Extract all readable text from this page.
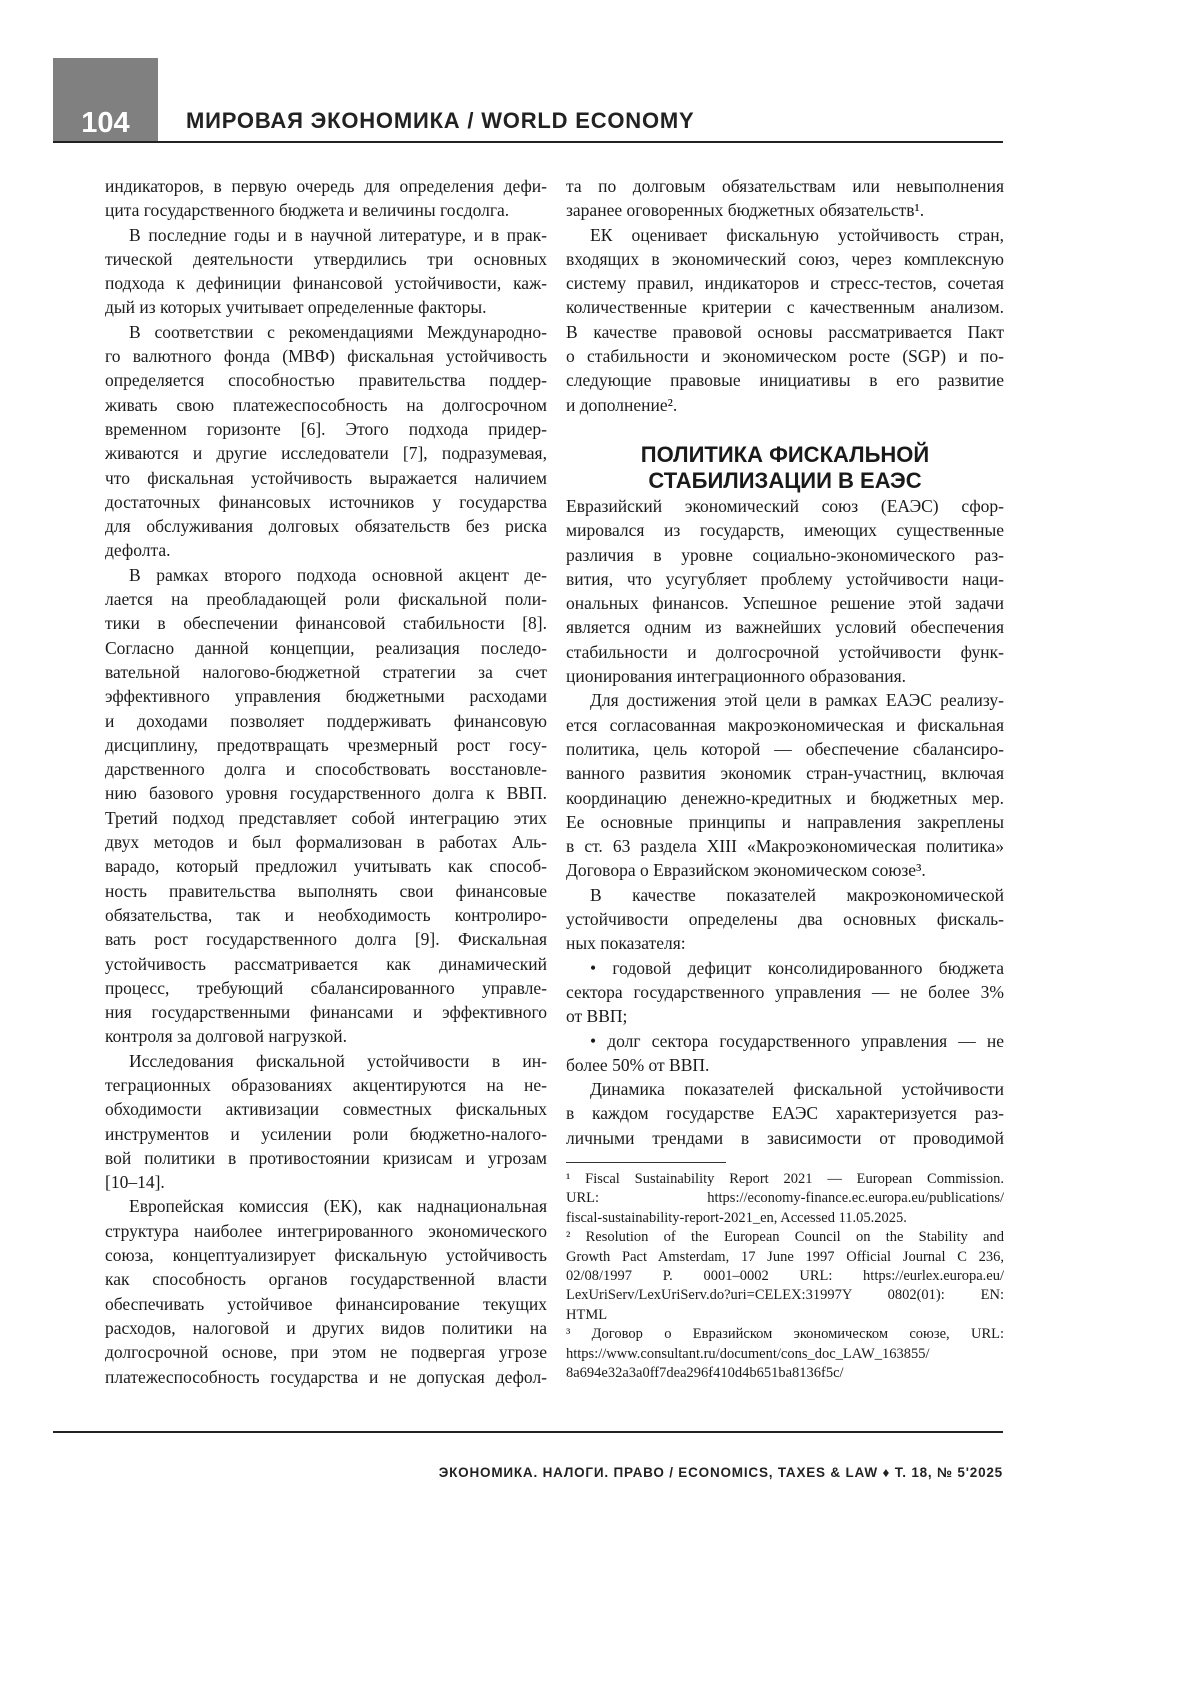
104	МИРОВАЯ ЭКОНОМИКА / WORLD ECONOMY
индикаторов, в первую очередь для определения дефи-
цита государственного бюджета и величины госдолга.
В последние годы и в научной литературе, и в прак-
тической деятельности утвердились три основных
подхода к дефиниции финансовой устойчивости, каж-
дый из которых учитывает определенные факторы.
В соответствии с рекомендациями Международно-
го валютного фонда (МВФ) фискальная устойчивость
определяется способностью правительства поддер-
живать свою платежеспособность на долгосрочном
временном горизонте [6]. Этого подхода придер-
живаются и другие исследователи [7], подразумевая,
что фискальная устойчивость выражается наличием
достаточных финансовых источников у государства
для обслуживания долговых обязательств без риска
дефолта.
В рамках второго подхода основной акцент де-
лается на преобладающей роли фискальной поли-
тики в обеспечении финансовой стабильности [8].
Согласно данной концепции, реализация последо-
вательной налогово-бюджетной стратегии за счет
эффективного управления бюджетными расходами
и доходами позволяет поддерживать финансовую
дисциплину, предотвращать чрезмерный рост госу-
дарственного долга и способствовать восстановле-
нию базового уровня государственного долга к ВВП.
Третий подход представляет собой интеграцию этих
двух методов и был формализован в работах Аль-
варадо, который предложил учитывать как способ-
ность правительства выполнять свои финансовые
обязательства, так и необходимость контролиро-
вать рост государственного долга [9]. Фискальная
устойчивость рассматривается как динамический
процесс, требующий сбалансированного управле-
ния государственными финансами и эффективного
контроля за долговой нагрузкой.
Исследования фискальной устойчивости в ин-
теграционных образованиях акцентируются на не-
обходимости активизации совместных фискальных
инструментов и усилении роли бюджетно-налого-
вой политики в противостоянии кризисам и угрозам
[10–14].
Европейская комиссия (ЕК), как наднациональная
структура наиболее интегрированного экономического
союза, концептуализирует фискальную устойчивость
как способность органов государственной власти
обеспечивать устойчивое финансирование текущих
расходов, налоговой и других видов политики на
долгосрочной основе, при этом не подвергая угрозе
платежеспособность государства и не допуская дефол-
та по долговым обязательствам или невыполнения
заранее оговоренных бюджетных обязательств¹.
ЕК оценивает фискальную устойчивость стран,
входящих в экономический союз, через комплексную
систему правил, индикаторов и стресс-тестов, сочетая
количественные критерии с качественным анализом.
В качестве правовой основы рассматривается Пакт
о стабильности и экономическом росте (SGP) и по-
следующие правовые инициативы в его развитие
и дополнение².
ПОЛИТИКА ФИСКАЛЬНОЙ
СТАБИЛИЗАЦИИ В ЕАЭС
Евразийский экономический союз (ЕАЭС) сфор-
мировался из государств, имеющих существенные
различия в уровне социально-экономического раз-
вития, что усугубляет проблему устойчивости наци-
ональных финансов. Успешное решение этой задачи
является одним из важнейших условий обеспечения
стабильности и долгосрочной устойчивости функ-
ционирования интеграционного образования.
Для достижения этой цели в рамках ЕАЭС реализу-
ется согласованная макроэкономическая и фискальная
политика, цель которой — обеспечение сбалансиро-
ванного развития экономик стран-участниц, включая
координацию денежно-кредитных и бюджетных мер.
Ее основные принципы и направления закреплены
в ст. 63 раздела XIII «Макроэкономическая политика»
Договора о Евразийском экономическом союзе³.
В качестве показателей макроэкономической
устойчивости определены два основных фискаль-
ных показателя:
• годовой дефицит консолидированного бюджета
сектора государственного управления — не более 3%
от ВВП;
• долг сектора государственного управления — не
более 50% от ВВП.
Динамика показателей фискальной устойчивости
в каждом государстве ЕАЭС характеризуется раз-
личными трендами в зависимости от проводимой
¹ Fiscal Sustainability Report 2021 — European Commission.
URL: https://economy-finance.ec.europa.eu/publications/
fiscal-sustainability-report-2021_en, Accessed 11.05.2025.
² Resolution of the European Council on the Stability and
Growth Pact Amsterdam, 17 June 1997 Official Journal C 236,
02/08/1997 P. 0001–0002 URL: https://eurlex.europa.eu/
LexUriServ/LexUriServ.do?uri=CELEX:31997Y 0802(01): EN:
HTML
³ Договор о Евразийском экономическом союзе, URL:
https://www.consultant.ru/document/cons_doc_LAW_163855/
8a694e32a3a0ff7dea296f410d4b651ba8136f5c/
ЭКОНОМИКА. НАЛОГИ. ПРАВО / ECONOMICS, TAXES & LAW ♦ Т. 18, № 5'2025
